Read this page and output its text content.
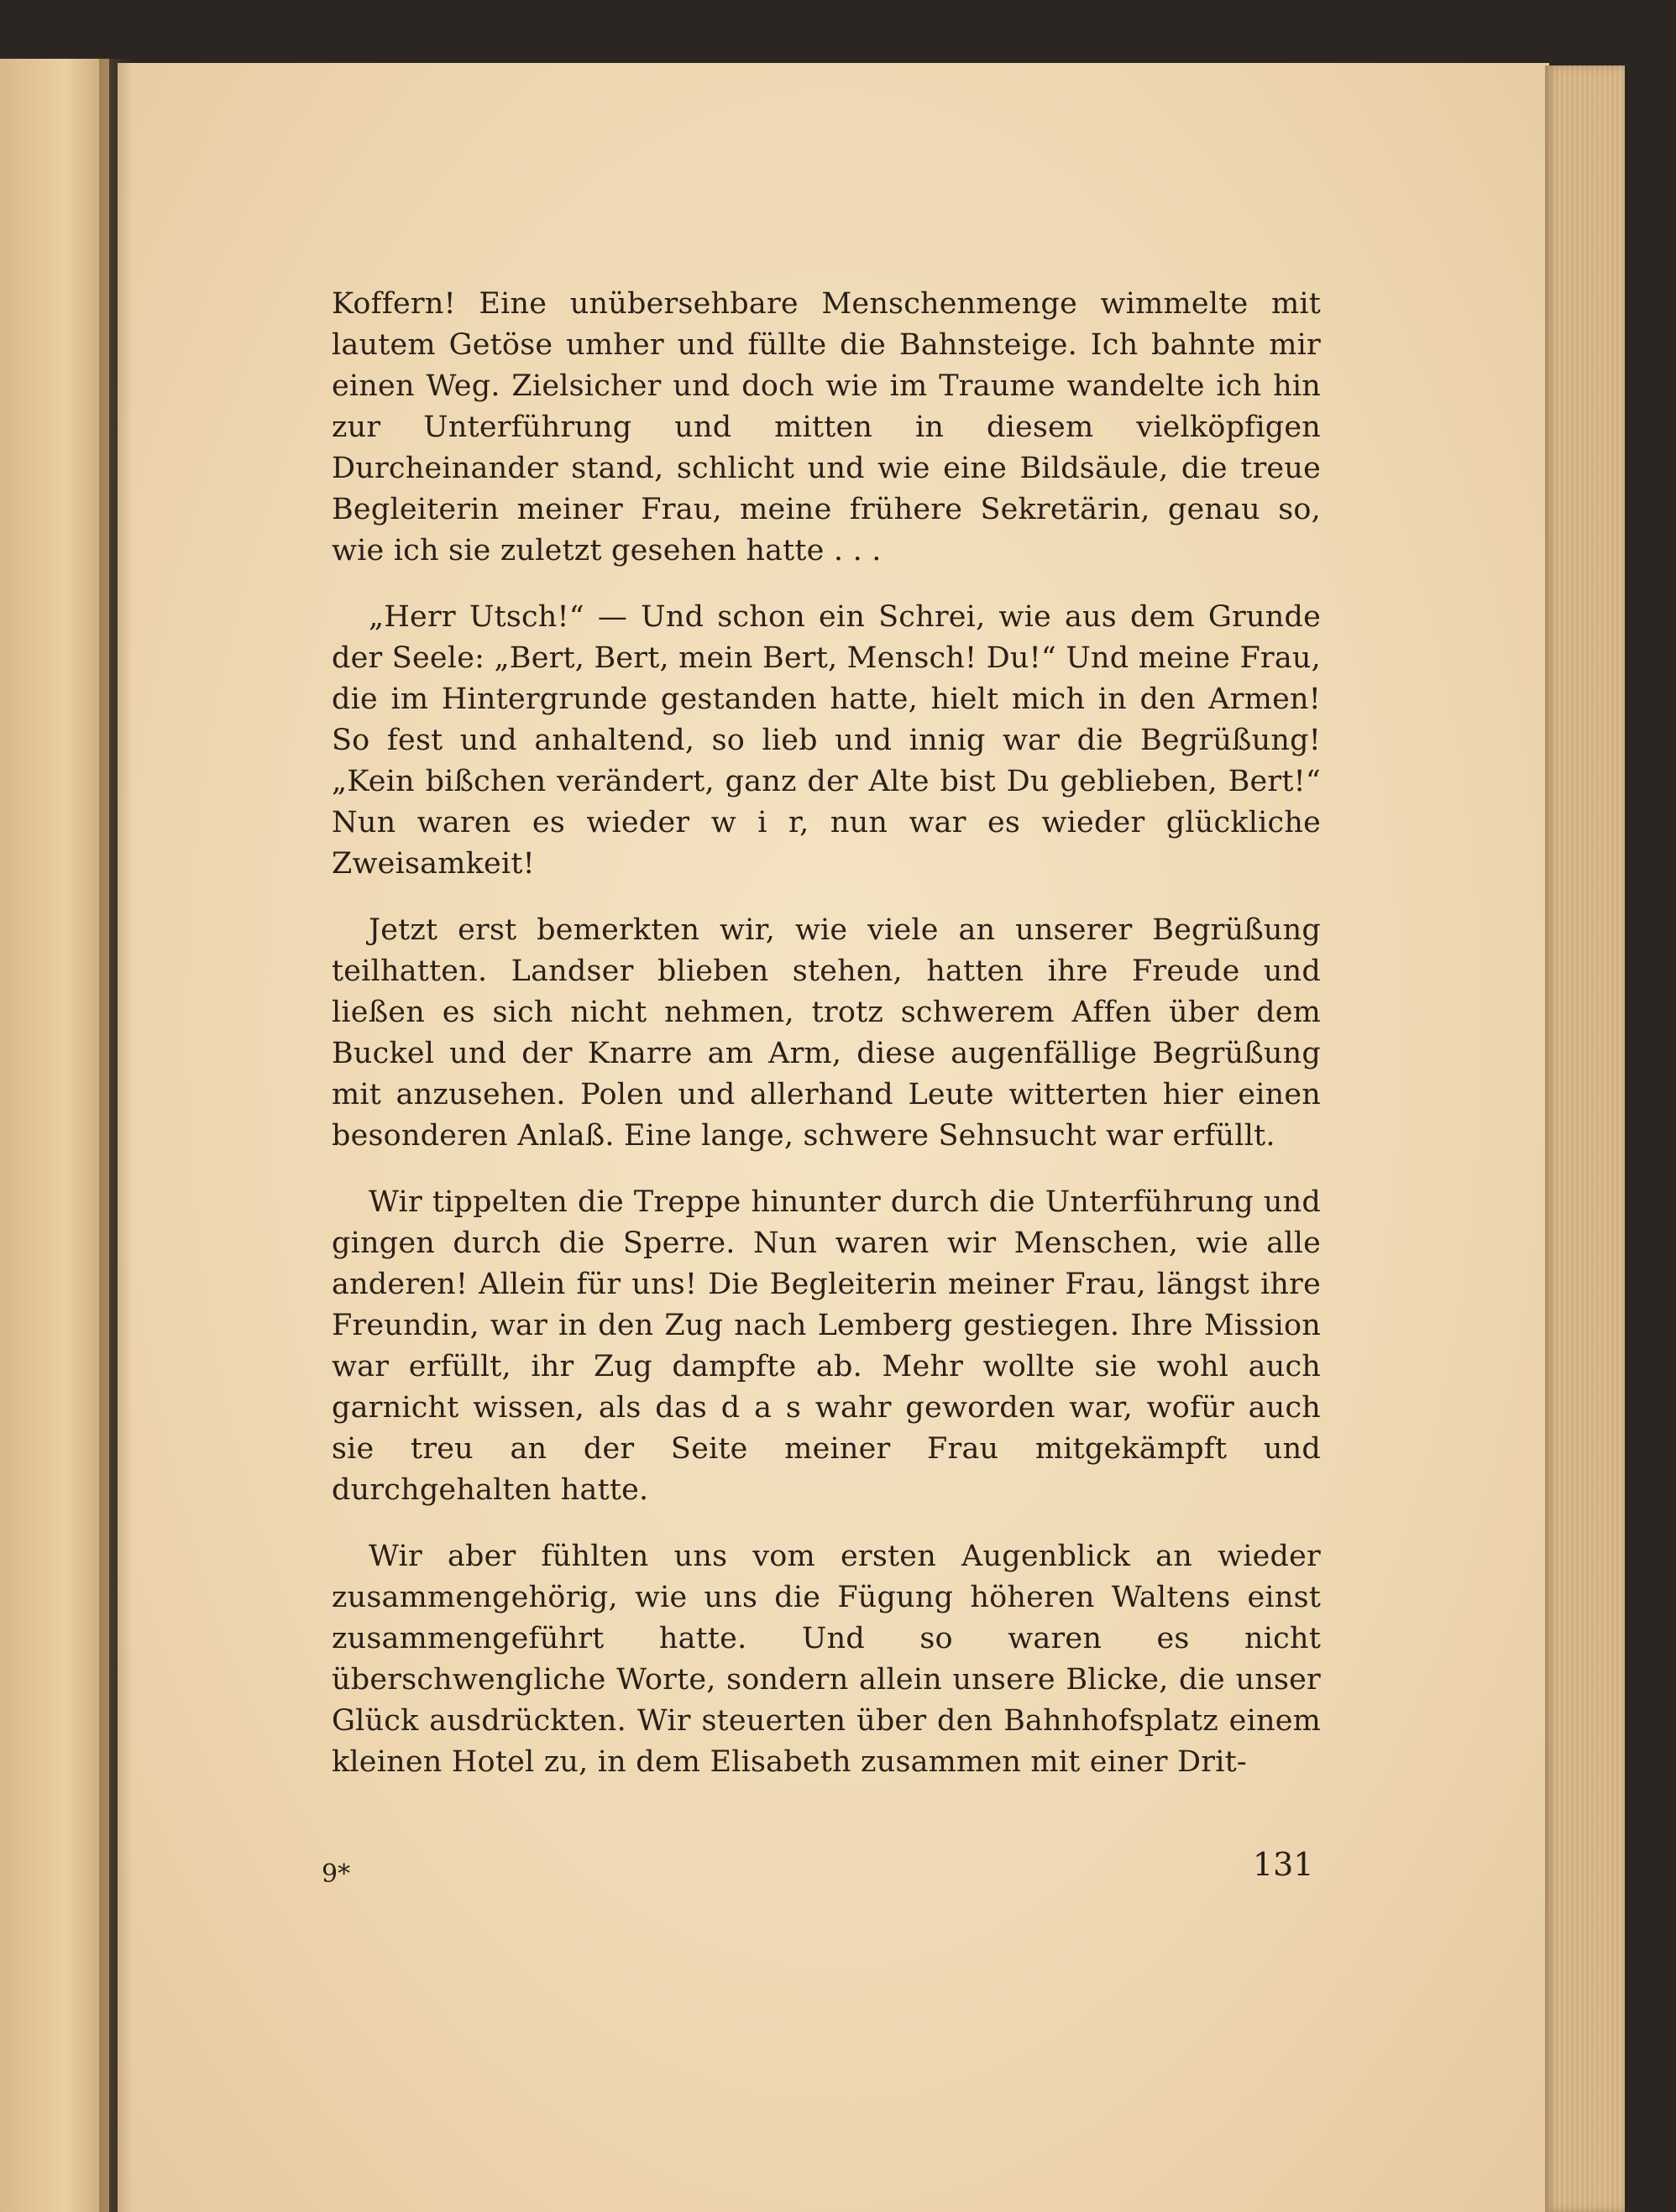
Koffern! Eine unübersehbare Menschenmenge wimmelte mit lautem Getöse umher und füllte die Bahnsteige. Ich bahnte mir einen Weg. Zielsicher und doch wie im Traume wandelte ich hin zur Unterführung und mitten in diesem vielköpfigen Durcheinander stand, schlicht und wie eine Bildsäule, die treue Begleiterin meiner Frau, meine frühere Sekretärin, genau so, wie ich sie zuletzt gesehen hatte . . .

„Herr Utsch!“ — Und schon ein Schrei, wie aus dem Grunde der Seele: „Bert, Bert, mein Bert, Mensch! Du!“ Und meine Frau, die im Hintergrunde gestanden hatte, hielt mich in den Armen! So fest und anhaltend, so lieb und innig war die Begrüßung! „Kein bißchen verändert, ganz der Alte bist Du geblieben, Bert!“ Nun waren es wieder w i r, nun war es wieder glückliche Zweisamkeit!

Jetzt erst bemerkten wir, wie viele an unserer Begrüßung teilhatten. Landser blieben stehen, hatten ihre Freude und ließen es sich nicht nehmen, trotz schwerem Affen über dem Buckel und der Knarre am Arm, diese augenfällige Begrüßung mit anzusehen. Polen und allerhand Leute witterten hier einen besonderen Anlaß. Eine lange, schwere Sehnsucht war erfüllt.

Wir tippelten die Treppe hinunter durch die Unterführung und gingen durch die Sperre. Nun waren wir Menschen, wie alle anderen! Allein für uns! Die Begleiterin meiner Frau, längst ihre Freundin, war in den Zug nach Lemberg gestiegen. Ihre Mission war erfüllt, ihr Zug dampfte ab. Mehr wollte sie wohl auch garnicht wissen, als das d a s wahr geworden war, wofür auch sie treu an der Seite meiner Frau mitgekämpft und durchgehalten hatte.

Wir aber fühlten uns vom ersten Augenblick an wieder zusammengehörig, wie uns die Fügung höheren Waltens einst zusammengeführt hatte. Und so waren es nicht überschwengliche Worte, sondern allein unsere Blicke, die unser Glück ausdrückten. Wir steuerten über den Bahnhofsplatz einem kleinen Hotel zu, in dem Elisabeth zusammen mit einer Drit-

9*	131
